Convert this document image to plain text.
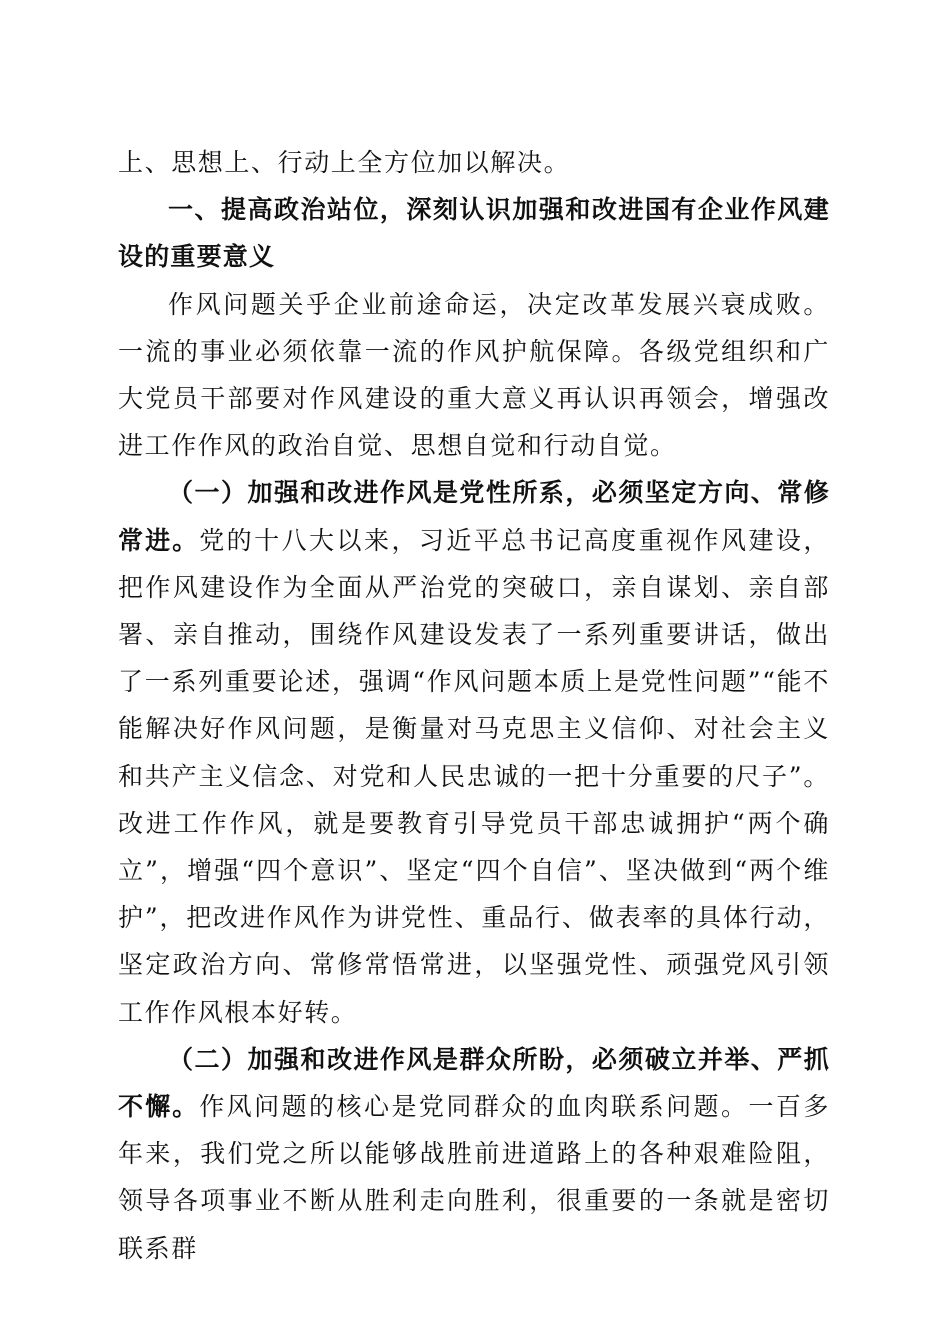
上、思想上、行动上全方位加以解决。

一、提高政治站位，深刻认识加强和改进国有企业作风建设的重要意义

作风问题关乎企业前途命运，决定改革发展兴衰成败。一流的事业必须依靠一流的作风护航保障。各级党组织和广大党员干部要对作风建设的重大意义再认识再领会，增强改进工作作风的政治自觉、思想自觉和行动自觉。

（一）加强和改进作风是党性所系，必须坚定方向、常修常进。党的十八大以来，习近平总书记高度重视作风建设，把作风建设作为全面从严治党的突破口，亲自谋划、亲自部署、亲自推动，围绕作风建设发表了一系列重要讲话，做出了一系列重要论述，强调“作风问题本质上是党性问题”“能不能解决好作风问题，是衡量对马克思主义信仰、对社会主义和共产主义信念、对党和人民忠诚的一把十分重要的尺子”。改进工作作风，就是要教育引导党员干部忠诚拥护“两个确立”，增强“四个意识”、坚定“四个自信”、坚决做到“两个维护”，把改进作风作为讲党性、重品行、做表率的具体行动，坚定政治方向、常修常悟常进，以坚强党性、顽强党风引领工作作风根本好转。

（二）加强和改进作风是群众所盼，必须破立并举、严抓不懈。作风问题的核心是党同群众的血肉联系问题。一百多年来，我们党之所以能够战胜前进道路上的各种艰难险阻，领导各项事业不断从胜利走向胜利，很重要的一条就是密切联系群
